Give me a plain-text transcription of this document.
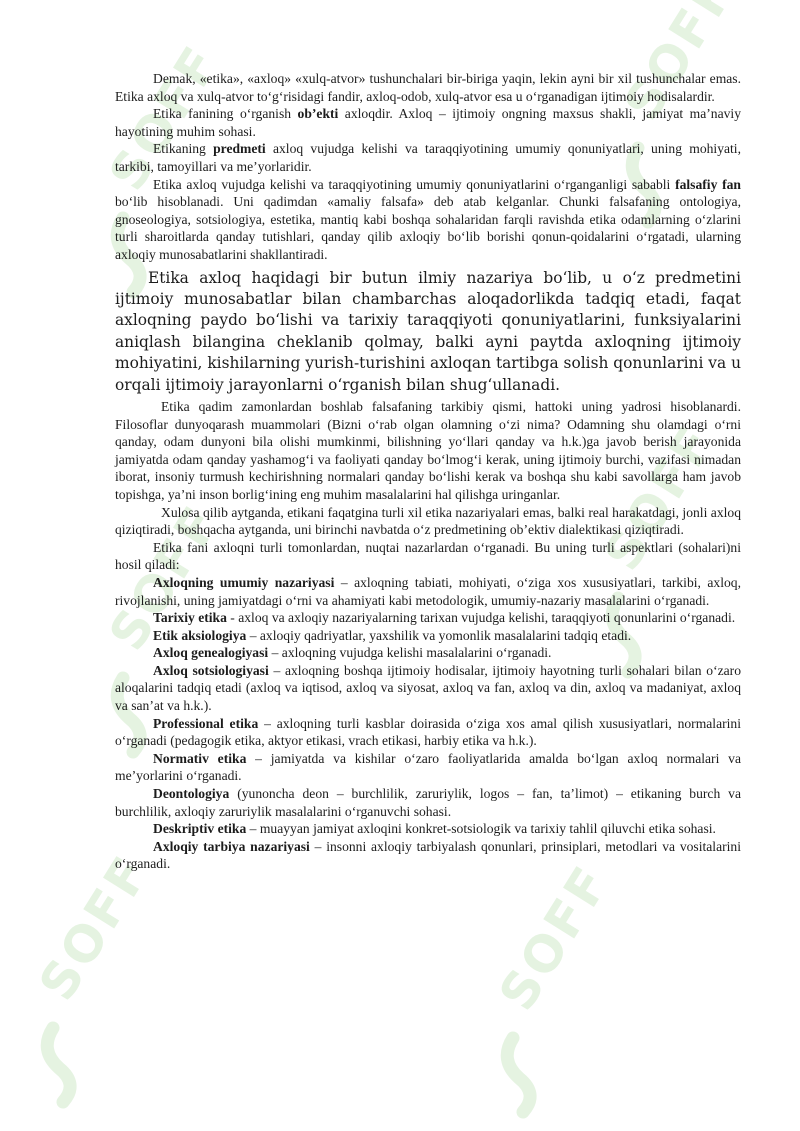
Demak, «etika», «axloq» «xulq-atvor» tushunchalari bir-biriga yaqin, lekin ayni bir xil tushunchalar emas. Etika axloq va xulq-atvor to‘g‘risidagi fandir, axloq-odob, xulq-atvor esa u o‘rganadigan ijtimoiy hodisalardir.

Etika fanining o‘rganish ob’ekti axloqdir. Axloq – ijtimoiy ongning maxsus shakli, jamiyat ma’naviy hayotining muhim sohasi.

Etikaning predmeti axloq vujudga kelishi va taraqqiyotining umumiy qonuniyatlari, uning mohiyati, tarkibi, tamoyillari va me’yorlaridir.

Etika axloq vujudga kelishi va taraqqiyotining umumiy qonuniyatlarini o‘rganganligi sababli falsafiy fan bo‘lib hisoblanadi. Uni qadimdan «amaliy falsafa» deb atab kelganlar. Chunki falsafaning ontologiya, gnoseologiya, sotsiologiya, estetika, mantiq kabi boshqa sohalaridan farqli ravishda etika odamlarning o‘zlarini turli sharoitlarda qanday tutishlari, qanday qilib axloqiy bo‘lib borishi qonun-qoidalarini o‘rgatadi, ularning axloqiy munosabatlarini shakllantiradi.

Etika axloq haqidagi bir butun ilmiy nazariya bo‘lib, u o‘z predmetini ijtimoiy munosabatlar bilan chambarchas aloqadorlikda tadqiq etadi, faqat axloqning paydo bo‘lishi va tarixiy taraqqiyoti qonuniyatlarini, funksiyalarini aniqlash bilangina cheklanib qolmay, balki ayni paytda axloqning ijtimoiy mohiyatini, kishilarning yurish-turishini axloqan tartibga solish qonunlarini va u orqali ijtimoiy jarayonlarni o‘rganish bilan shug‘ullanadi.

Etika qadim zamonlardan boshlab falsafaning tarkibiy qismi, hattoki uning yadrosi hisoblanardi. Filosoflar dunyoqarash muammolari (Bizni o‘rab olgan olamning o‘zi nima? Odamning shu olamdagi o‘rni qanday, odam dunyoni bila olishi mumkinmi, bilishning yo‘llari qanday va h.k.)ga javob berish jarayonida jamiyatda odam qanday yashamog‘i va faoliyati qanday bo‘lmog‘i kerak, uning ijtimoiy burchi, vazifasi nimadan iborat, insoniy turmush kechirishning normalari qanday bo‘lishi kerak va boshqa shu kabi savollarga ham javob topishga, ya’ni inson borlig‘ining eng muhim masalalarini hal qilishga uringanlar.

Xulosa qilib aytganda, etikani faqatgina turli xil etika nazariyalari emas, balki real harakatdagi, jonli axloq qiziqtiradi, boshqacha aytganda, uni birinchi navbatda o‘z predmetining ob’ektiv dialektikasi qiziqtiradi.

Etika fani axloqni turli tomonlardan, nuqtai nazarlardan o‘rganadi. Bu uning turli aspektlari (sohalari)ni hosil qiladi:

Axloqning umumiy nazariyasi – axloqning tabiati, mohiyati, o‘ziga xos xususiyatlari, tarkibi, axloq, rivojlanishi, uning jamiyatdagi o‘rni va ahamiyati kabi metodologik, umumiy-nazariy masalalarini o‘rganadi.

Tarixiy etika - axloq va axloqiy nazariyalarning tarixan vujudga kelishi, taraqqiyoti qonunlarini o‘rganadi.

Etik aksiologiya – axloqiy qadriyatlar, yaxshilik va yomonlik masalalarini tadqiq etadi.

Axloq genealogiyasi – axloqning vujudga kelishi masalalarini o‘rganadi.

Axloq sotsiologiyasi – axloqning boshqa ijtimoiy hodisalar, ijtimoiy hayotning turli sohalari bilan o‘zaro aloqalarini tadqiq etadi (axloq va iqtisod, axloq va siyosat, axloq va fan, axloq va din, axloq va madaniyat, axloq va san’at va h.k.).

Professional etika – axloqning turli kasblar doirasida o‘ziga xos amal qilish xususiyatlari, normalarini o‘rganadi (pedagogik etika, aktyor etikasi, vrach etikasi, harbiy etika va h.k.).

Normativ etika – jamiyatda va kishilar o‘zaro faoliyatlarida amalda bo‘lgan axloq normalari va me’yorlarini o‘rganadi.

Deontologiya (yunoncha deon – burchlilik, zaruriylik, logos – fan, ta’limot) – etikaning burch va burchlilik, axloqiy zaruriylik masalalarini o‘rganuvchi sohasi.

Deskriptiv etika – muayyan jamiyat axloqini konkret-sotsiologik va tarixiy tahlil qiluvchi etika sohasi.

Axloqiy tarbiya nazariyasi – insonni axloqiy tarbiyalash qonunlari, prinsiplari, metodlari va vositalarini o‘rganadi.
